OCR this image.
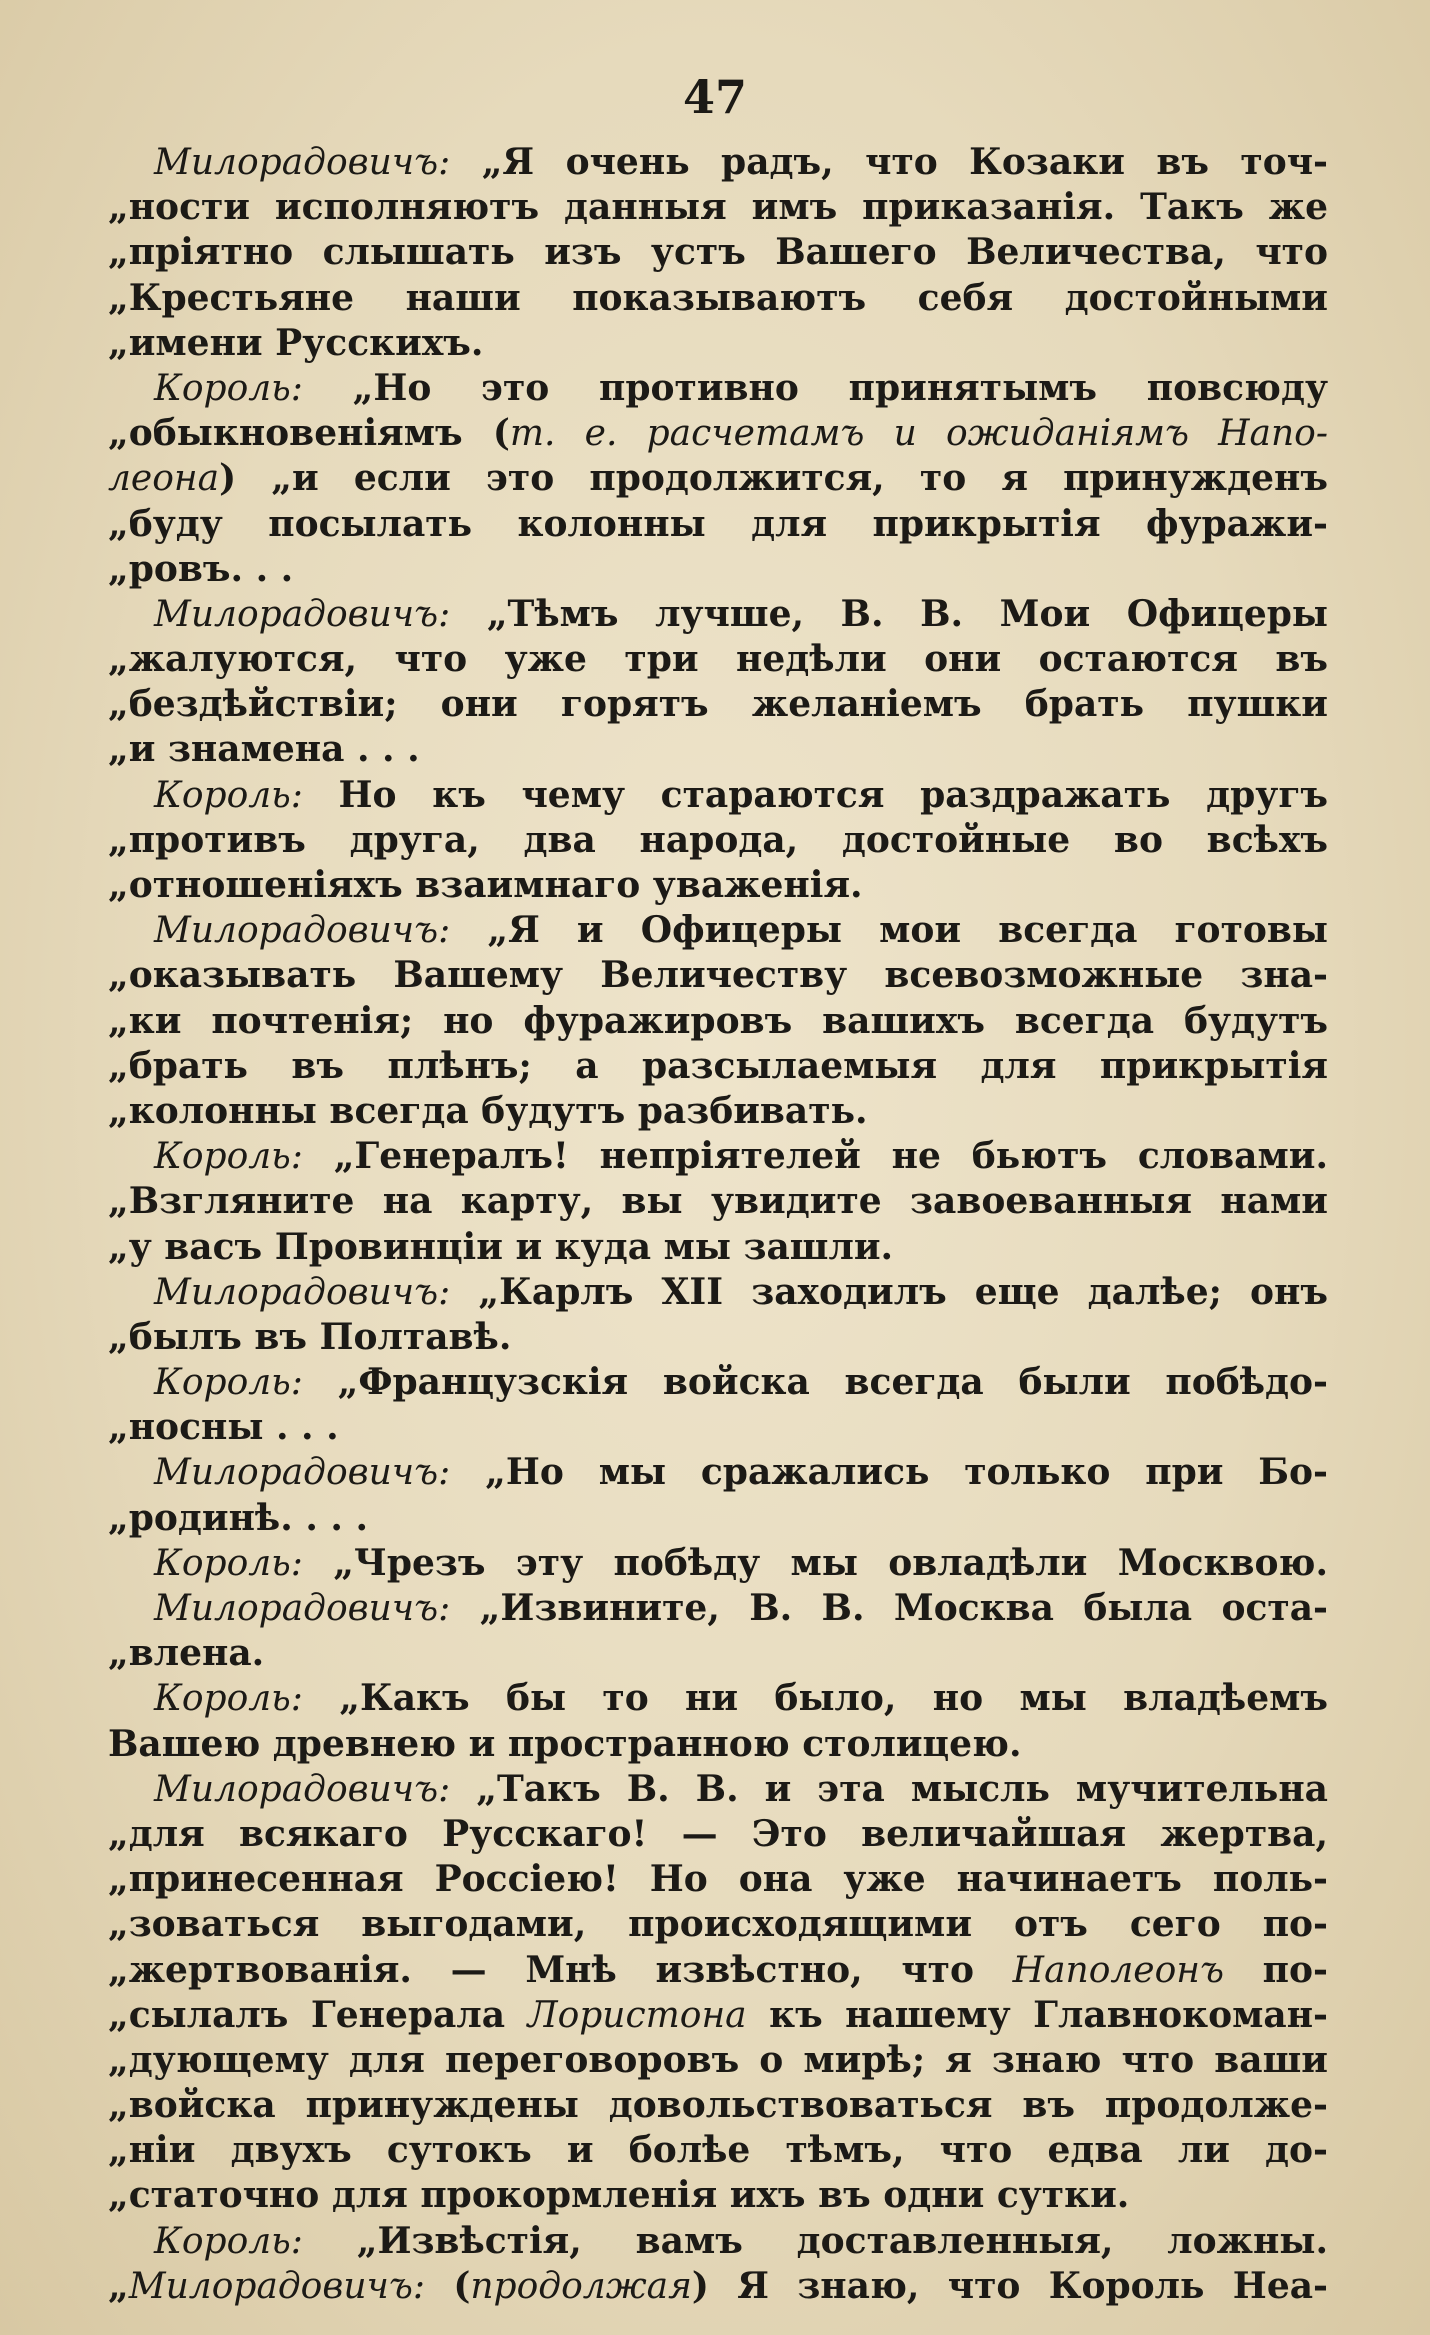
47
Милорадовичъ: „Я очень радъ, что Козаки въ точ-
„ности исполняютъ данныя имъ приказанія. Такъ же
„пріятно слышать изъ устъ Вашего Величества, что
„Крестьяне наши показываютъ себя достойными
„имени Русскихъ.
Король: „Но это противно принятымъ повсюду
„обыкновеніямъ (т. е. расчетамъ и ожиданіямъ Напо-
леона) „и если это продолжится, то я принужденъ
„буду посылать колонны для прикрытія фуражи-
„ровъ. . .
Милорадовичъ: „Тѣмъ лучше, В. В. Мои Офицеры
„жалуются, что уже три недѣли они остаются въ
„бездѣйствіи; они горятъ желаніемъ брать пушки
„и знамена . . .
Король: Но къ чему стараются раздражать другъ
„противъ друга, два народа, достойные во всѣхъ
„отношеніяхъ взаимнаго уваженія.
Милорадовичъ: „Я и Офицеры мои всегда готовы
„оказывать Вашему Величеству всевозможные зна-
„ки почтенія; но фуражировъ вашихъ всегда будутъ
„брать въ плѣнъ; а разсылаемыя для прикрытія
„колонны всегда будутъ разбивать.
Король: „Генералъ! непріятелей не бьютъ словами.
„Взгляните на карту, вы увидите завоеванныя нами
„у васъ Провинціи и куда мы зашли.
Милорадовичъ: „Карлъ XII заходилъ еще далѣе; онъ
„былъ въ Полтавѣ.
Король: „Французскія войска всегда были побѣдо-
„носны . . .
Милорадовичъ: „Но мы сражались только при Бо-
„родинѣ. . . .
Король: „Чрезъ эту побѣду мы овладѣли Москвою.
Милорадовичъ: „Извините, В. В. Москва была оста-
„влена.
Король: „Какъ бы то ни было, но мы владѣемъ
Вашею древнею и пространною столицею.
Милорадовичъ: „Такъ В. В. и эта мысль мучительна
„для всякаго Русскаго! — Это величайшая жертва,
„принесенная Россіею! Но она уже начинаетъ поль-
„зоваться выгодами, происходящими отъ сего по-
„жертвованія. — Мнѣ извѣстно, что Наполеонъ по-
„сылалъ Генерала Лористона къ нашему Главнокоман-
„дующему для переговоровъ о мирѣ; я знаю что ваши
„войска принуждены довольствоваться въ продолже-
„ніи двухъ сутокъ и болѣе тѣмъ, что едва ли до-
„статочно для прокормленія ихъ въ одни сутки.
Король: „Извѣстія, вамъ доставленныя, ложны.
„Милорадовичъ: (продолжая) Я знаю, что Король Неа-
